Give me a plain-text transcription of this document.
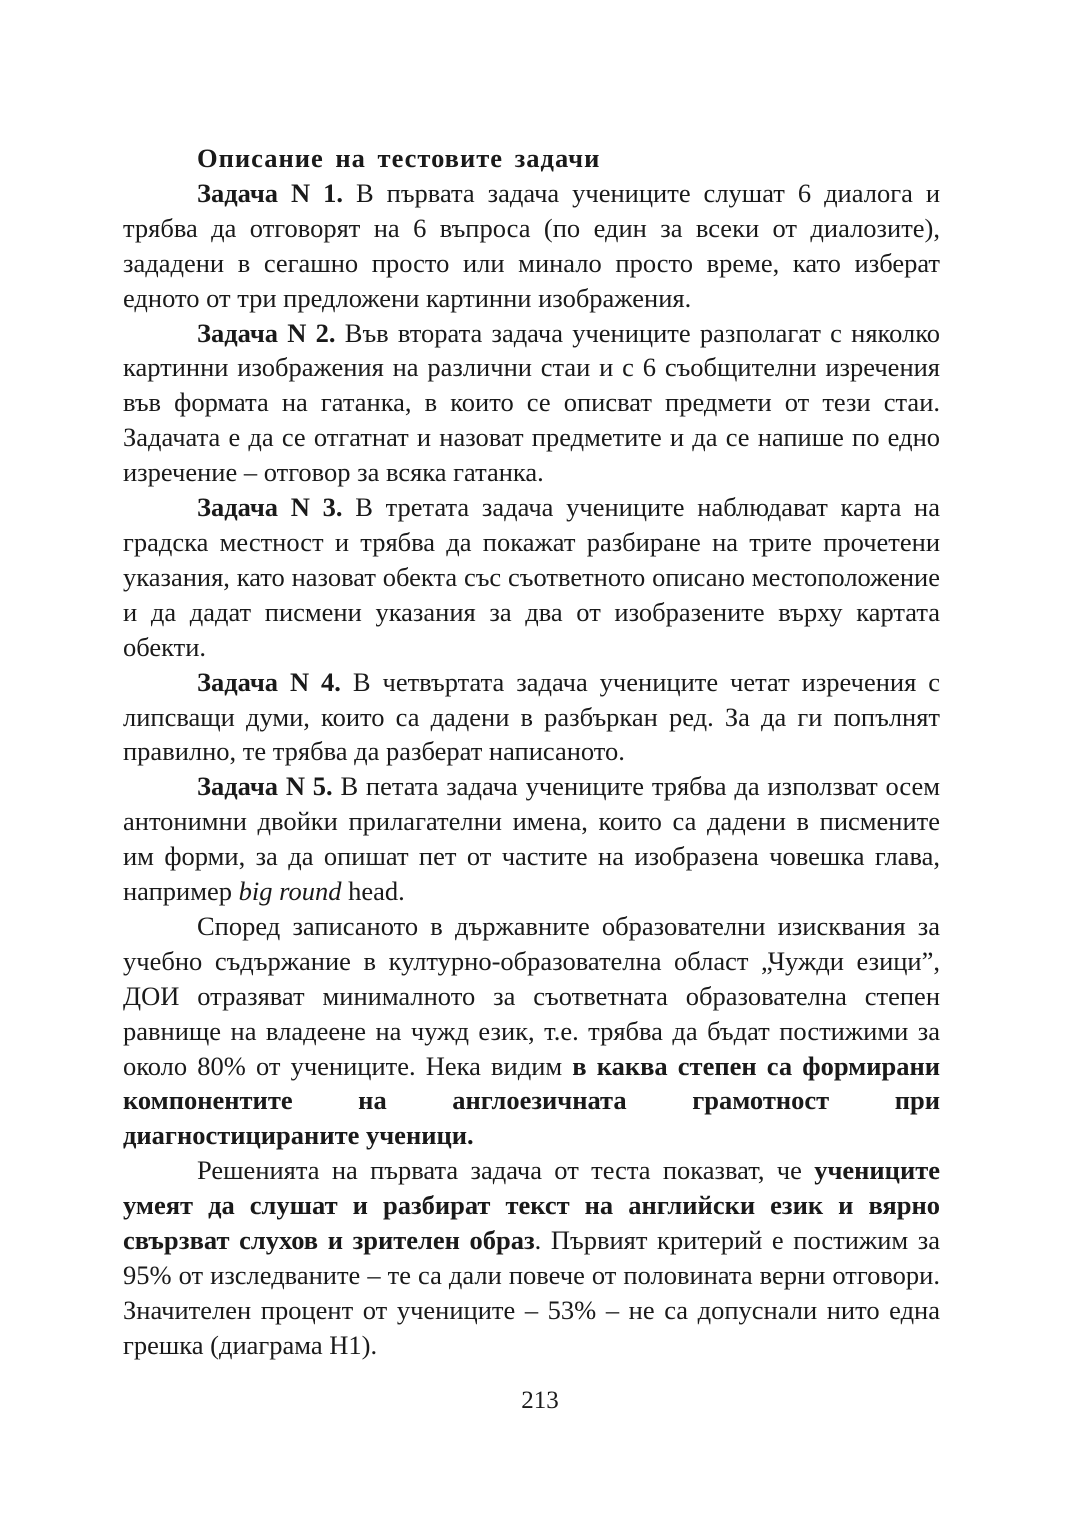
Описание на тестовите задачи

Задача N 1. В първата задача учениците слушат 6 диалога и трябва да отговорят на 6 въпроса (по един за всеки от диалозите), зададени в сегашно просто или минало просто време, като изберат едното от три предложени картинни изображения.

Задача N 2. Във втората задача учениците разполагат с няколко картинни изображения на различни стаи и с 6 съобщителни изречения във формата на гатанка, в които се описват предмети от тези стаи. Задачата е да се отгатнат и назоват предметите и да се напише по едно изречение – отговор за всяка гатанка.

Задача N 3. В третата задача учениците наблюдават карта на градска местност и трябва да покажат разбиране на трите прочетени указания, като назоват обекта със съответното описано местоположение и да дадат писмени указания за два от изобразените върху картата обекти.

Задача N 4. В четвъртата задача учениците четат изречения с липсващи думи, които са дадени в разбъркан ред. За да ги попълнят правилно, те трябва да разберат написаното.

Задача N 5. В петата задача учениците трябва да използват осем антонимни двойки прилагателни имена, които са дадени в писмените им форми, за да опишат пет от частите на изобразена човешка глава, например big round head.

Според записаното в държавните образователни изисквания за учебно съдържание в културно-образователна област „Чужди езици”, ДОИ отразяват минималното за съответната образователна степен равнище на владеене на чужд език, т.е. трябва да бъдат постижими за около 80% от учениците. Нека видим в каква степен са формирани компонентите на англоезичната грамотност при диагностицираните ученици.

Решенията на първата задача от теста показват, че учениците умеят да слушат и разбират текст на английски език и вярно свързват слухов и зрителен образ. Първият критерий е постижим за 95% от изследваните – те са дали повече от половината верни отговори. Значителен процент от учениците – 53% – не са допуснали нито една грешка (диаграма Н1).

213
